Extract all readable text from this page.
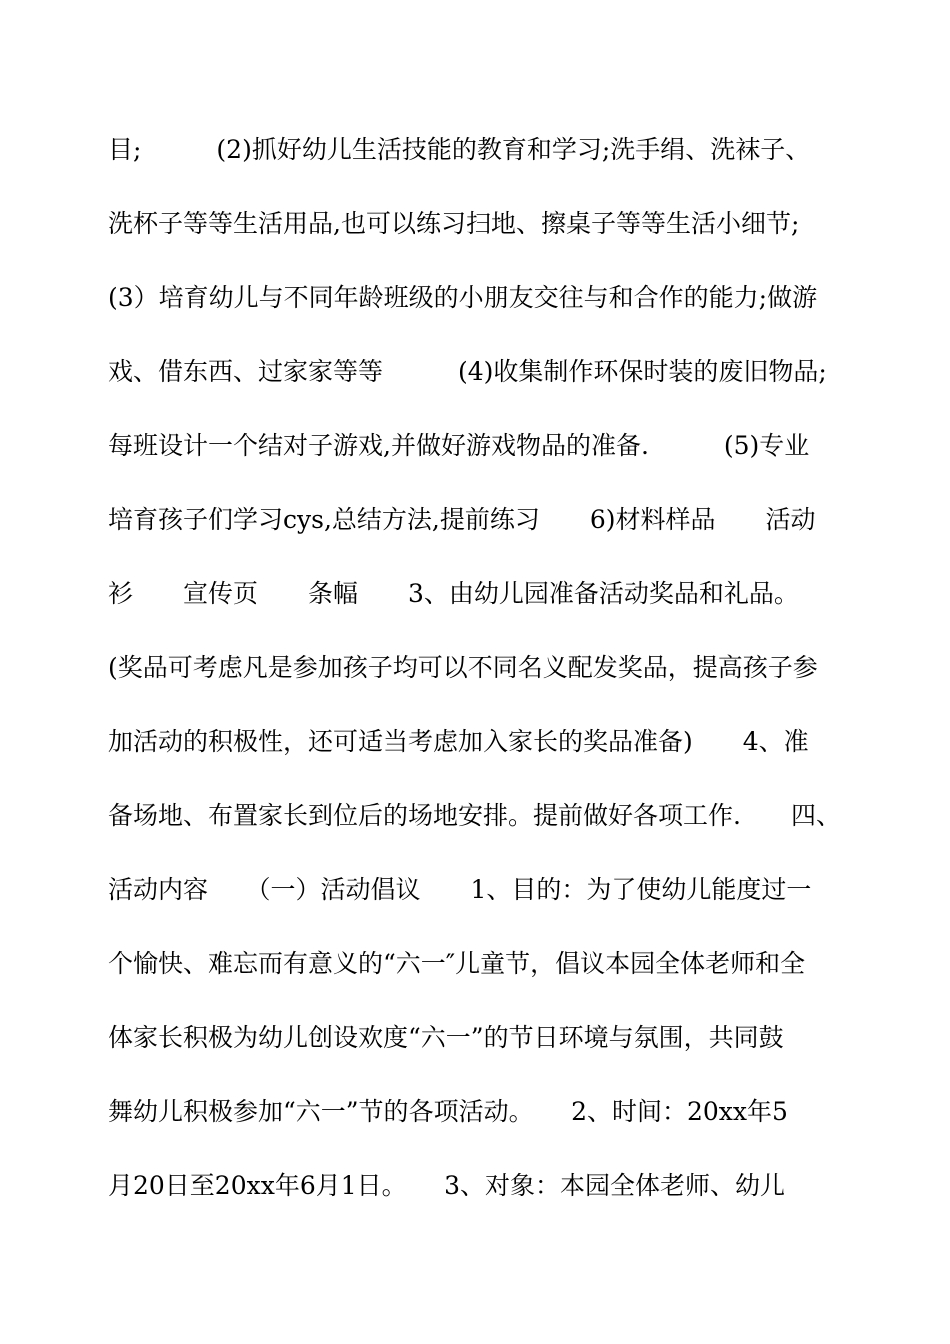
目;　　　(2)抓好幼儿生活技能的教育和学习;洗手绢、洗袜子、
洗杯子等等生活用品,也可以练习扫地、擦桌子等等生活小细节;
(3）培育幼儿与不同年龄班级的小朋友交往与和合作的能力;做游
戏、借东西、过家家等等　　　(4)收集制作环保时装的废旧物品;
每班设计一个结对子游戏,并做好游戏物品的准备.　　　(5)专业
培育孩子们学习cys,总结方法,提前练习　　6)材料样品　　活动
衫　　宣传页　　条幅　　3、由幼儿园准备活动奖品和礼品。
(奖品可考虑凡是参加孩子均可以不同名义配发奖品，提高孩子参
加活动的积极性，还可适当考虑加入家长的奖品准备)　　4、准
备场地、布置家长到位后的场地安排。提前做好各项工作.　　四、
活动内容　　（一）活动倡议　　1、目的：为了使幼儿能度过一
个愉快、难忘而有意义的“六一″儿童节，倡议本园全体老师和全
体家长积极为幼儿创设欢度“六一”的节日环境与氛围，共同鼓
舞幼儿积极参加“六一”节的各项活动。　　2、时间：20xx年5
月20日至20xx年6月1日。　　3、对象：本园全体老师、幼儿
